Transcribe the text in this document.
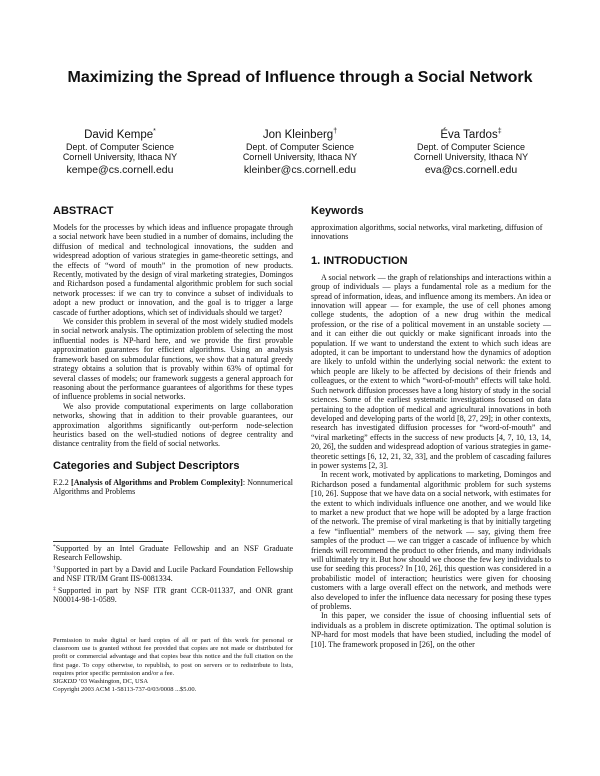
Maximizing the Spread of Influence through a Social Network
David Kempe*
Dept. of Computer Science
Cornell University, Ithaca NY
kempe@cs.cornell.edu
Jon Kleinberg†
Dept. of Computer Science
Cornell University, Ithaca NY
kleinber@cs.cornell.edu
Éva Tardos‡
Dept. of Computer Science
Cornell University, Ithaca NY
eva@cs.cornell.edu
ABSTRACT

Models for the processes by which ideas and influence propagate through a social network have been studied in a number of domains, including the diffusion of medical and technological innovations, the sudden and widespread adoption of various strategies in game-theoretic settings, and the effects of “word of mouth” in the promotion of new products. Recently, motivated by the design of viral marketing strategies, Domingos and Richardson posed a fundamental algorithmic problem for such social network processes: if we can try to convince a subset of individuals to adopt a new product or innovation, and the goal is to trigger a large cascade of further adoptions, which set of individuals should we target?

We consider this problem in several of the most widely studied models in social network analysis. The optimization problem of selecting the most influential nodes is NP-hard here, and we provide the first provable approximation guarantees for efficient algorithms. Using an analysis framework based on submodular functions, we show that a natural greedy strategy obtains a solution that is provably within 63% of optimal for several classes of models; our framework suggests a general approach for reasoning about the performance guarantees of algorithms for these types of influence problems in social networks.

We also provide computational experiments on large collaboration networks, showing that in addition to their provable guarantees, our approximation algorithms significantly out-perform node-selection heuristics based on the well-studied notions of degree centrality and distance centrality from the field of social networks.

Categories and Subject Descriptors

F.2.2 [Analysis of Algorithms and Problem Complexity]: Nonnumerical Algorithms and Problems

*Supported by an Intel Graduate Fellowship and an NSF Graduate Research Fellowship.

†Supported in part by a David and Lucile Packard Foundation Fellowship and NSF ITR/IM Grant IIS-0081334.

‡Supported in part by NSF ITR grant CCR-011337, and ONR grant N00014-98-1-0589.

Permission to make digital or hard copies of all or part of this work for personal or classroom use is granted without fee provided that copies are not made or distributed for profit or commercial advantage and that copies bear this notice and the full citation on the first page. To copy otherwise, to republish, to post on servers or to redistribute to lists, requires prior specific permission and/or a fee.

SIGKDD ’03 Washington, DC, USA

Copyright 2003 ACM 1-58113-737-0/03/0008 ...$5.00.

Keywords

approximation algorithms, social networks, viral marketing, diffusion of innovations

1. INTRODUCTION

A social network — the graph of relationships and interactions within a group of individuals — plays a fundamental role as a medium for the spread of information, ideas, and influence among its members. An idea or innovation will appear — for example, the use of cell phones among college students, the adoption of a new drug within the medical profession, or the rise of a political movement in an unstable society — and it can either die out quickly or make significant inroads into the population. If we want to understand the extent to which such ideas are adopted, it can be important to understand how the dynamics of adoption are likely to unfold within the underlying social network: the extent to which people are likely to be affected by decisions of their friends and colleagues, or the extent to which “word-of-mouth” effects will take hold. Such network diffusion processes have a long history of study in the social sciences. Some of the earliest systematic investigations focused on data pertaining to the adoption of medical and agricultural innovations in both developed and developing parts of the world [8, 27, 29]; in other contexts, research has investigated diffusion processes for “word-of-mouth” and “viral marketing” effects in the success of new products [4, 7, 10, 13, 14, 20, 26], the sudden and widespread adoption of various strategies in game-theoretic settings [6, 12, 21, 32, 33], and the problem of cascading failures in power systems [2, 3].

In recent work, motivated by applications to marketing, Domingos and Richardson posed a fundamental algorithmic problem for such systems [10, 26]. Suppose that we have data on a social network, with estimates for the extent to which individuals influence one another, and we would like to market a new product that we hope will be adopted by a large fraction of the network. The premise of viral marketing is that by initially targeting a few “influential” members of the network — say, giving them free samples of the product — we can trigger a cascade of influence by which friends will recommend the product to other friends, and many individuals will ultimately try it. But how should we choose the few key individuals to use for seeding this process? In [10, 26], this question was considered in a probabilistic model of interaction; heuristics were given for choosing customers with a large overall effect on the network, and methods were also developed to infer the influence data necessary for posing these types of problems.

In this paper, we consider the issue of choosing influential sets of individuals as a problem in discrete optimization. The optimal solution is NP-hard for most models that have been studied, including the model of [10]. The framework proposed in [26], on the other
